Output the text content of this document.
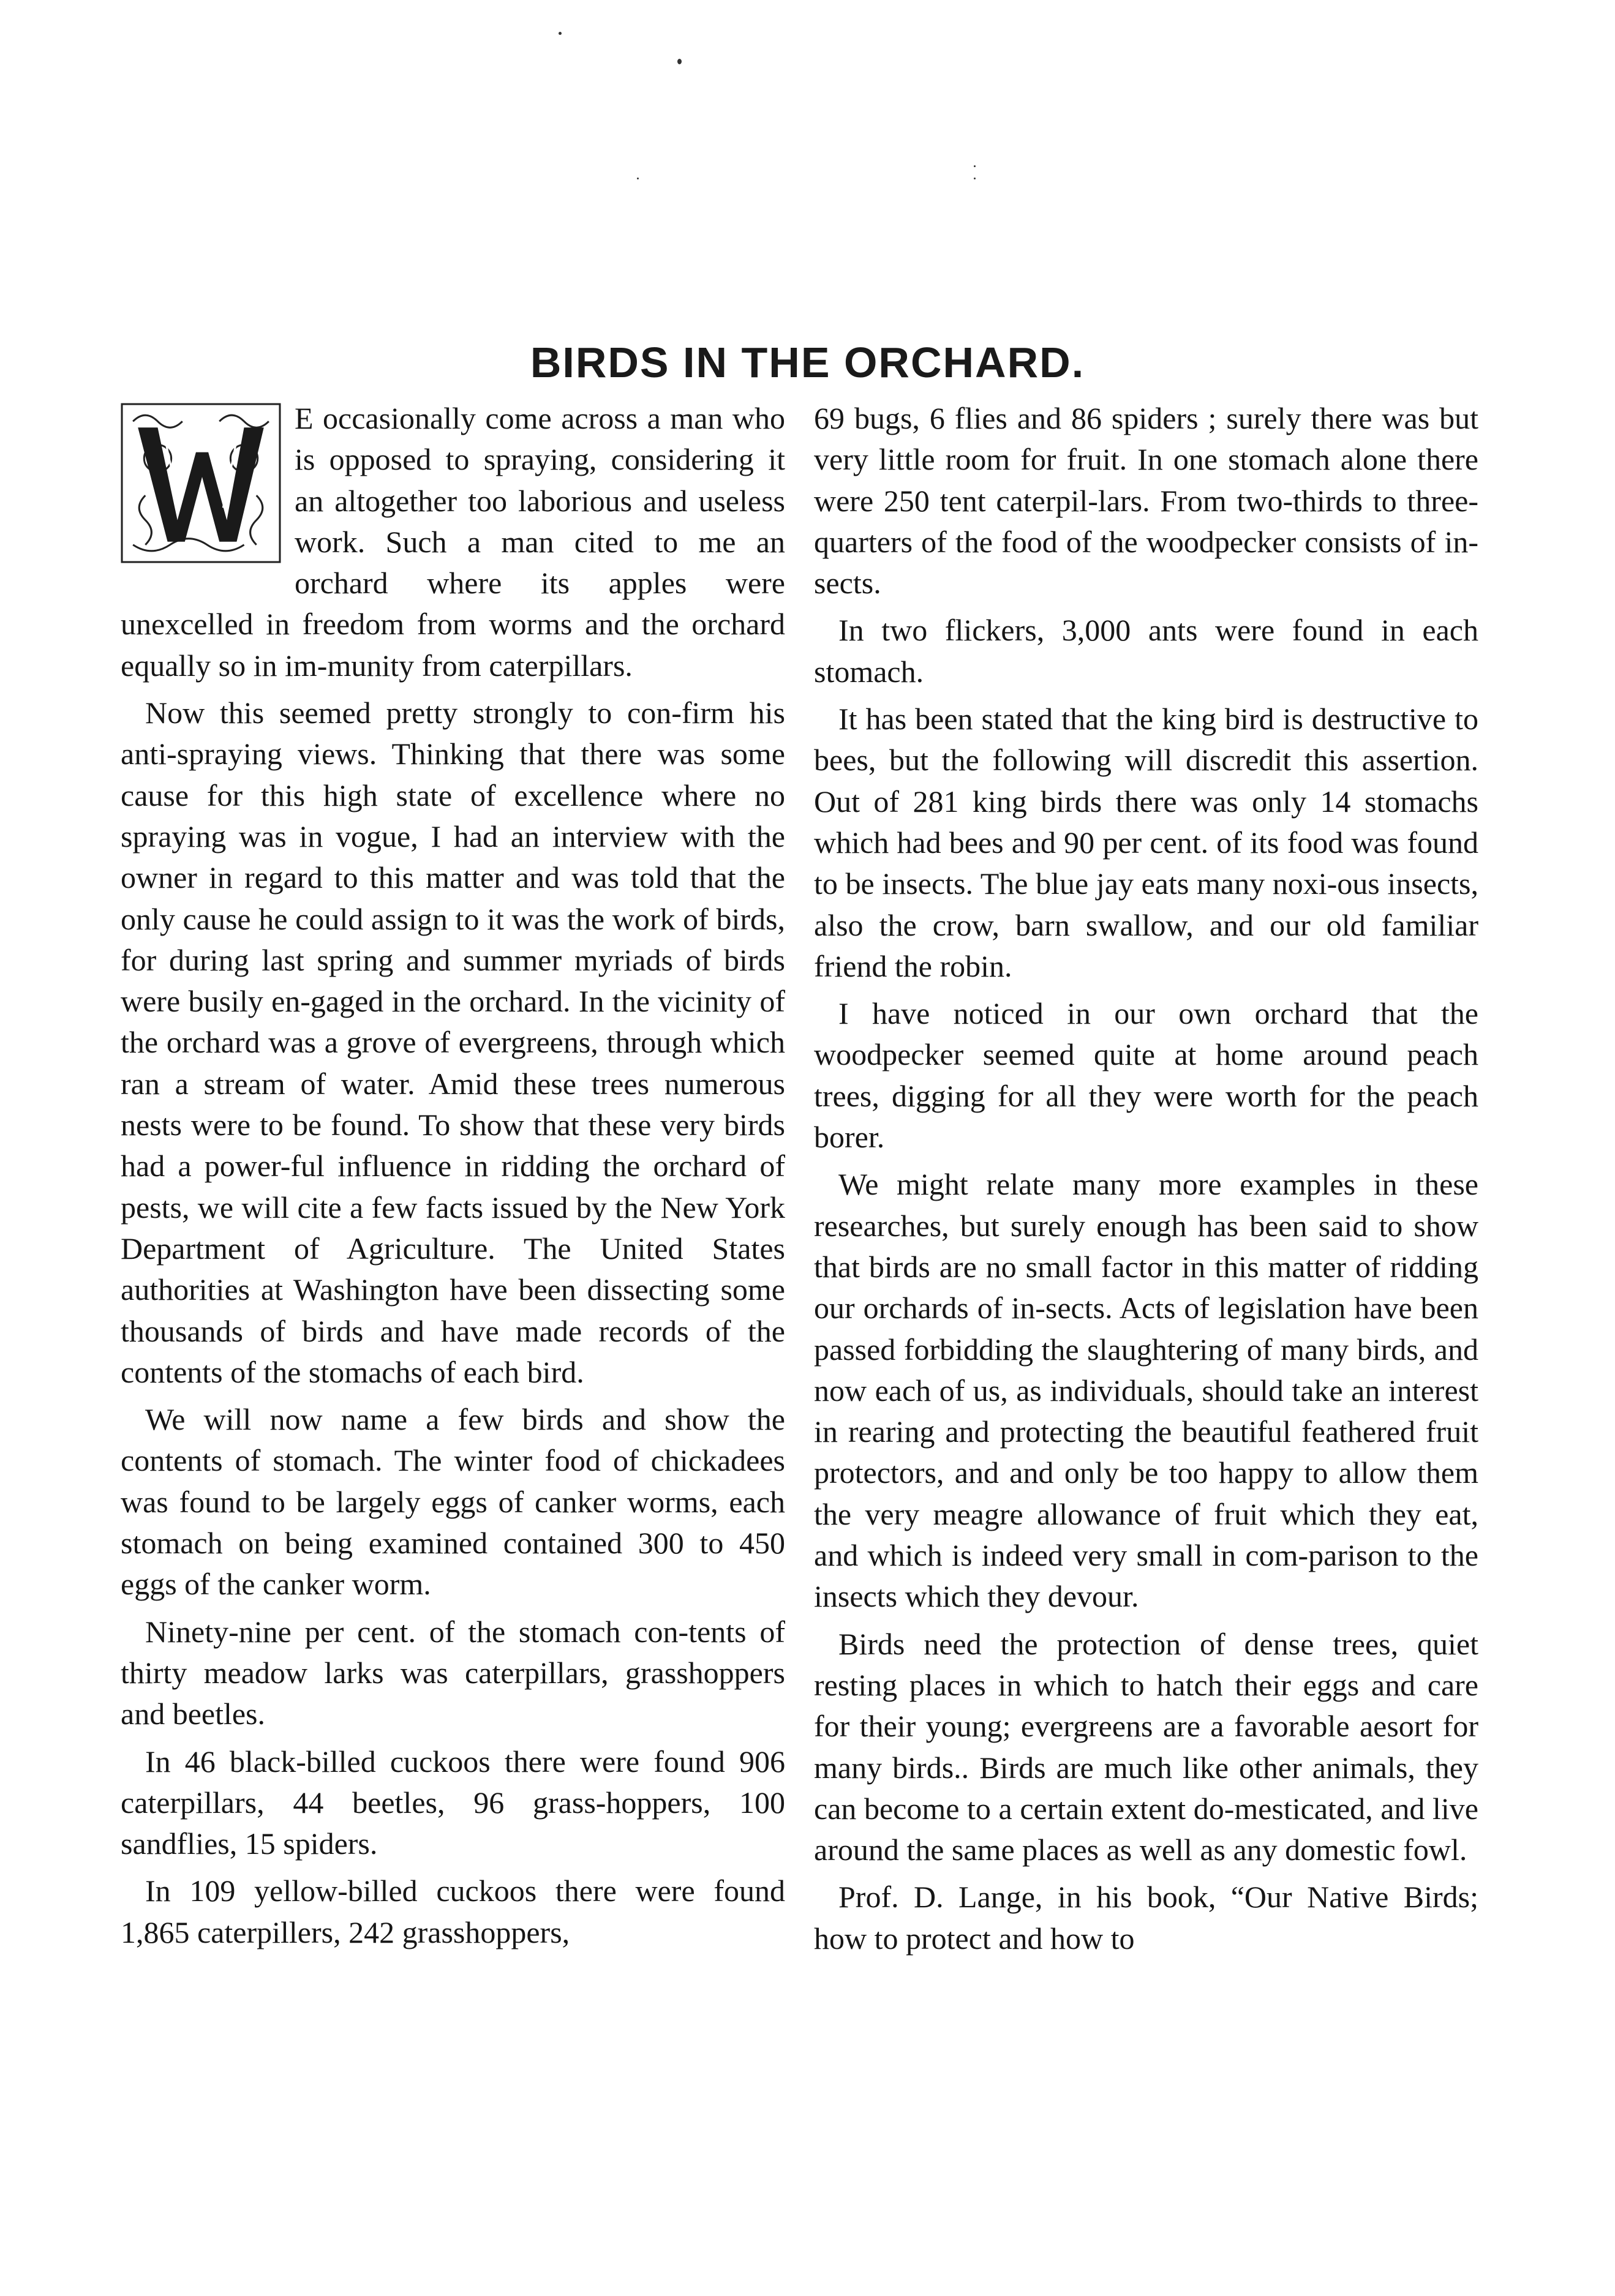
BIRDS IN THE ORCHARD.

E occasionally come across a man who is opposed to spraying, considering it an altogether too laborious and useless work. Such a man cited to me an orchard where its apples were unexcelled in freedom from worms and the orchard equally so in im-munity from caterpillars.

Now this seemed pretty strongly to con-firm his anti-spraying views. Thinking that there was some cause for this high state of excellence where no spraying was in vogue, I had an interview with the owner in regard to this matter and was told that the only cause he could assign to it was the work of birds, for during last spring and summer myriads of birds were busily en-gaged in the orchard. In the vicinity of the orchard was a grove of evergreens, through which ran a stream of water. Amid these trees numerous nests were to be found. To show that these very birds had a power-ful influence in ridding the orchard of pests, we will cite a few facts issued by the New York Department of Agriculture. The United States authorities at Washington have been dissecting some thousands of birds and have made records of the contents of the stomachs of each bird.

We will now name a few birds and show the contents of stomach. The winter food of chickadees was found to be largely eggs of canker worms, each stomach on being examined contained 300 to 450 eggs of the canker worm.

Ninety-nine per cent. of the stomach con-tents of thirty meadow larks was caterpillars, grasshoppers and beetles.

In 46 black-billed cuckoos there were found 906 caterpillars, 44 beetles, 96 grass-hoppers, 100 sandflies, 15 spiders.

In 109 yellow-billed cuckoos there were found 1,865 caterpillers, 242 grasshoppers,

69 bugs, 6 flies and 86 spiders ; surely there was but very little room for fruit. In one stomach alone there were 250 tent caterpil-lars. From two-thirds to three-quarters of the food of the woodpecker consists of in-sects.

In two flickers, 3,000 ants were found in each stomach.

It has been stated that the king bird is destructive to bees, but the following will discredit this assertion. Out of 281 king birds there was only 14 stomachs which had bees and 90 per cent. of its food was found to be insects. The blue jay eats many noxi-ous insects, also the crow, barn swallow, and our old familiar friend the robin.

I have noticed in our own orchard that the woodpecker seemed quite at home around peach trees, digging for all they were worth for the peach borer.

We might relate many more examples in these researches, but surely enough has been said to show that birds are no small factor in this matter of ridding our orchards of in-sects. Acts of legislation have been passed forbidding the slaughtering of many birds, and now each of us, as individuals, should take an interest in rearing and protecting the beautiful feathered fruit protectors, and and only be too happy to allow them the very meagre allowance of fruit which they eat, and which is indeed very small in com-parison to the insects which they devour.

Birds need the protection of dense trees, quiet resting places in which to hatch their eggs and care for their young; evergreens are a favorable aesort for many birds.. Birds are much like other animals, they can become to a certain extent do-mesticated, and live around the same places as well as any domestic fowl.

Prof. D. Lange, in his book, “Our Native Birds; how to protect and how to
